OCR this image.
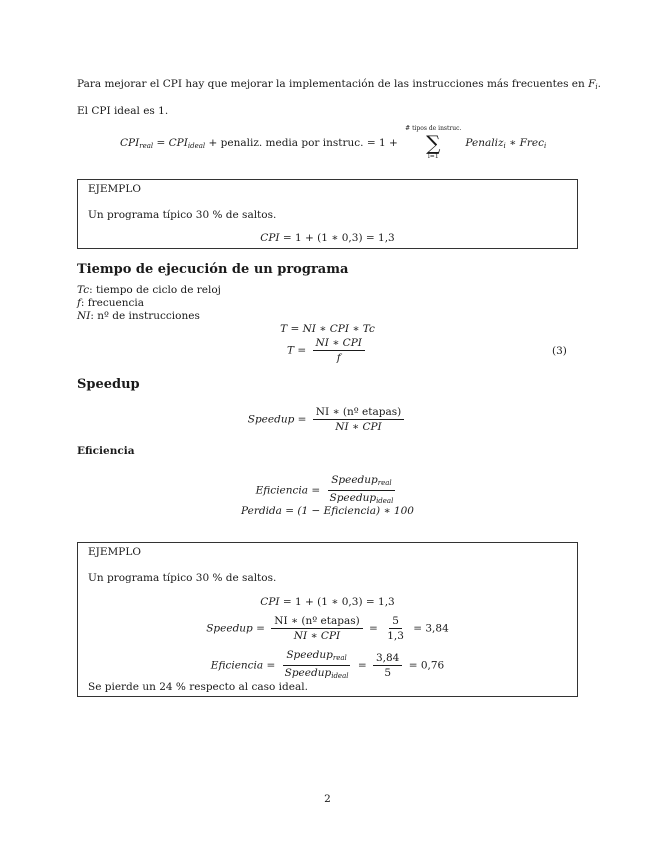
Para mejorar el CPI hay que mejorar la implementación de las instrucciones más frecuentes en $F_i$.
El CPI ideal es 1.
$CPI_{real} = CPI_{ideal}$ + penaliz. media por instruc. = 1 +
# tipos de instruc.
∑
i=1
Penaliz$_i$ ∗ Frec$_i$
EJEMPLO
Un programa típico 30 % de saltos.
CPI = 1 + (1 ∗ 0,3) = 1,3
Tiempo de ejecución de un programa
Tc: tiempo de ciclo de reloj
f: frecuencia
NI: nº de instrucciones
T = NI ∗ CPI ∗ Tc
$T = \frac{\text{NI ∗ CPI}}{f}$	(3)
Speedup
Speedup = $\frac{\text{NI ∗ (nº etapas)}}{\text{NI ∗ CPI}}$
Eficiencia
Eficiencia = $\frac{Speedup_{real}}{Speedup_{ideal}}$
Perdida = (1 − Eficiencia) ∗ 100
EJEMPLO
Un programa típico 30 % de saltos.
CPI = 1 + (1 ∗ 0,3) = 1,3
Speedup = $\frac{\text{NI ∗ (nº etapas)}}{\text{NI ∗ CPI}} = \frac{5}{1,3} = 3,84$
Eficiencia = $\frac{Speedup_{real}}{Speedup_{ideal}} = \frac{3,84}{5} = 0,76$
Se pierde un 24 % respecto al caso ideal.
2
